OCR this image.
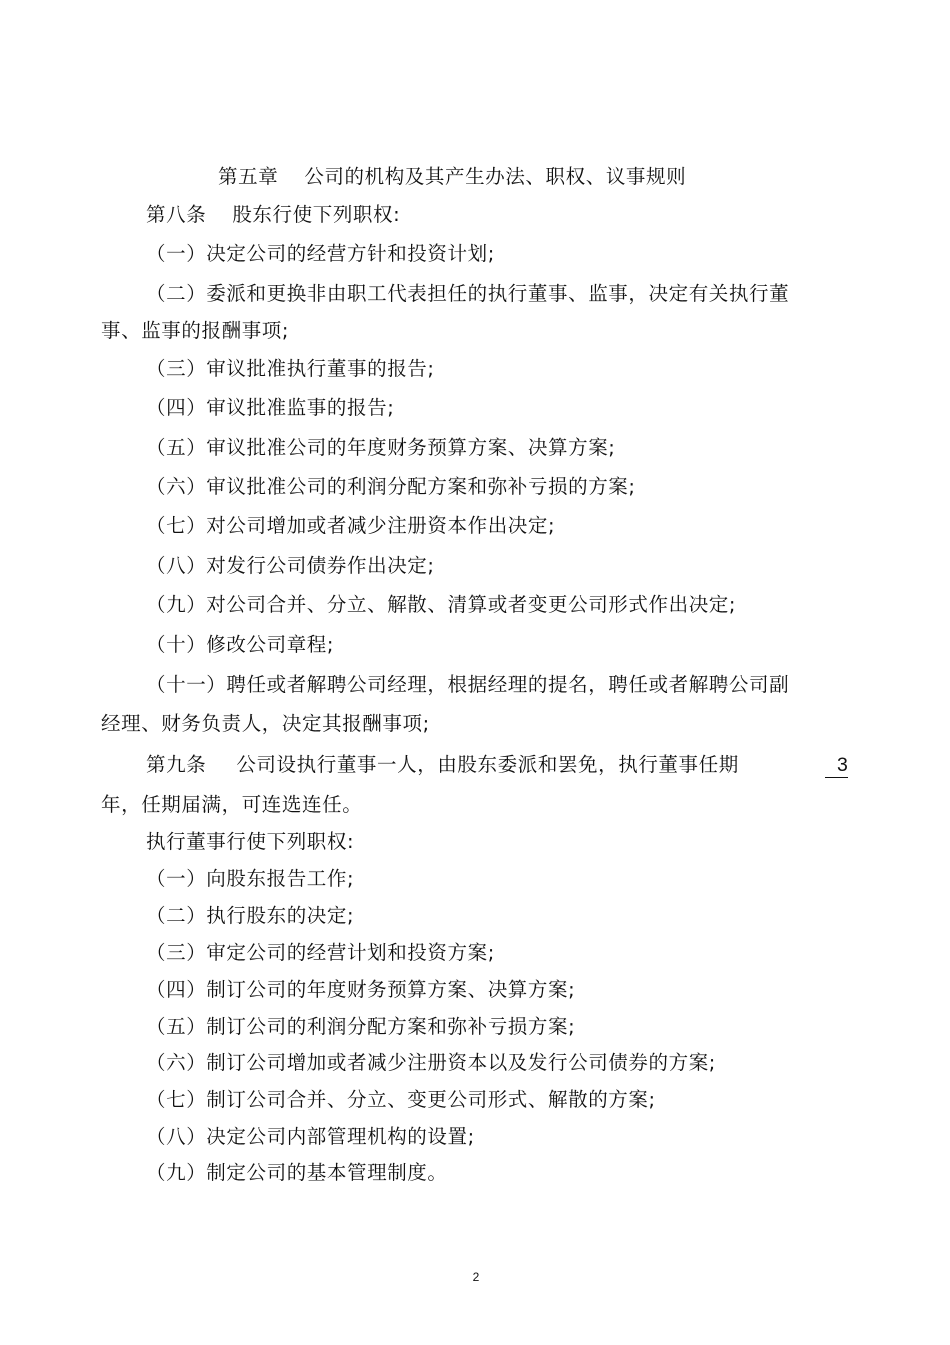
第五章 公司的机构及其产生办法、职权、议事规则
第八条 股东行使下列职权:
（一）决定公司的经营方针和投资计划;
（二）委派和更换非由职工代表担任的执行董事、监事，决定有关执行董
事、监事的报酬事项;
（三）审议批准执行董事的报告;
（四）审议批准监事的报告;
（五）审议批准公司的年度财务预算方案、决算方案;
（六）审议批准公司的利润分配方案和弥补亏损的方案;
（七）对公司增加或者减少注册资本作出决定;
（八）对发行公司债券作出决定;
（九）对公司合并、分立、解散、清算或者变更公司形式作出决定;
（十）修改公司章程;
（十一）聘任或者解聘公司经理，根据经理的提名，聘任或者解聘公司副
经理、财务负责人，决定其报酬事项;
第九条 公司设执行董事一人，由股东委派和罢免，执行董事任期	3
年，任期届满，可连选连任。
执行董事行使下列职权:
（一）向股东报告工作;
（二）执行股东的决定;
（三）审定公司的经营计划和投资方案;
（四）制订公司的年度财务预算方案、决算方案;
（五）制订公司的利润分配方案和弥补亏损方案;
（六）制订公司增加或者减少注册资本以及发行公司债券的方案;
（七）制订公司合并、分立、变更公司形式、解散的方案;
（八）决定公司内部管理机构的设置;
（九）制定公司的基本管理制度。
2
